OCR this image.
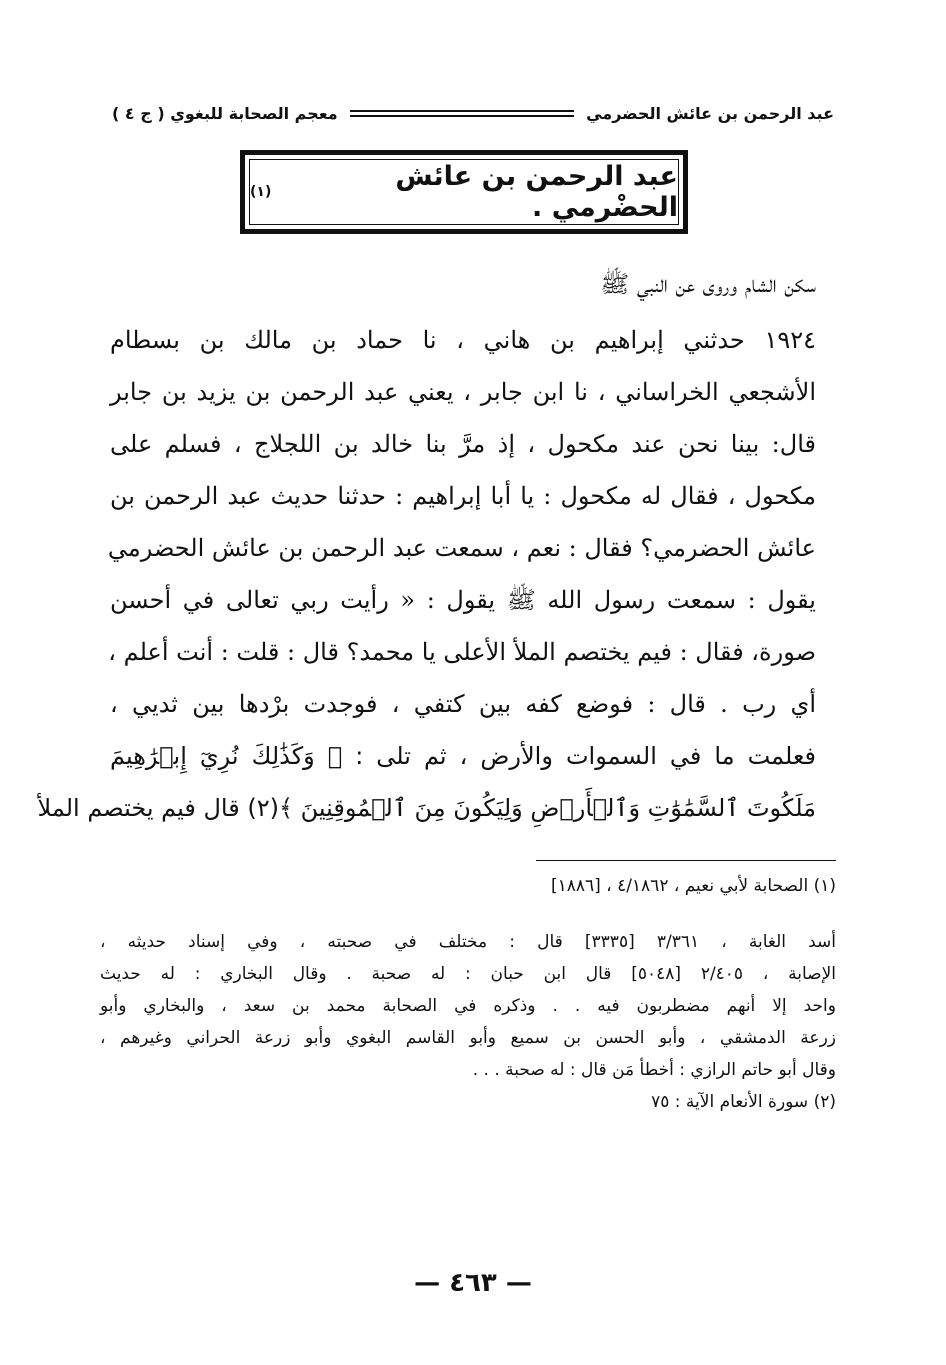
عبد الرحمن بن عائش الحضرمي
معجم الصحابة للبغوي ( ج ٤ )
عبد الرحمن بن عائش الحضْرمي .
(١)
سكن الشام وروى عن النبي ﷺ
١٩٢٤ حدثني إبراهيم بن هاني ، نا حماد بن مالك بن بسطام
الأشجعي الخراساني ، نا ابن جابر ، يعني عبد الرحمن بن يزيد بن جابر
قال: بينا نحن عند مكحول ، إذ مرَّ بنا خالد بن اللجلاج ، فسلم على
مكحول ، فقال له مكحول : يا أبا إبراهيم : حدثنا حديث عبد الرحمن بن
عائش الحضرمي؟ فقال : نعم ، سمعت عبد الرحمن بن عائش الحضرمي
يقول : سمعت رسول الله ﷺ يقول : « رأيت ربي تعالى في أحسن
صورة، فقال : فيم يختصم الملأ الأعلى يا محمد؟ قال : قلت : أنت أعلم ،
أي رب . قال : فوضع كفه بين كتفي ، فوجدت برْدها بين ثديي ،
فعلمت ما في السموات والأرض ، ثم تلى : ﴿ وَكَذَٰلِكَ نُرِيٓ إِبۡرَٰهِيمَ
مَلَكُوتَ ٱلسَّمَٰوَٰتِ وَٱلۡأَرۡضِ وَلِيَكُونَ مِنَ ٱلۡمُوقِنِينَ ﴾(٢) قال فيم يختصم الملأ
(١) الصحابة لأبي نعيم ، ٤/١٨٦٢ ، [١٨٨٦]
أسد الغابة ، ٣/٣٦١ [٣٣٣٥] قال : مختلف في صحبته ، وفي إسناد حديثه ،
الإصابة ، ٢/٤٠٥ [٥٠٤٨] قال ابن حبان : له صحبة . وقال البخاري : له حديث
واحد إلا أنهم مضطربون فيه . . وذكره في الصحابة محمد بن سعد ، والبخاري وأبو
زرعة الدمشقي ، وأبو الحسن بن سميع وأبو القاسم البغوي وأبو زرعة الحراني وغيرهم ،
وقال أبو حاتم الرازي : أخطأ مَن قال : له صحبة . . .
(٢) سورة الأنعام الآية : ٧٥
— ٤٦٣ —
